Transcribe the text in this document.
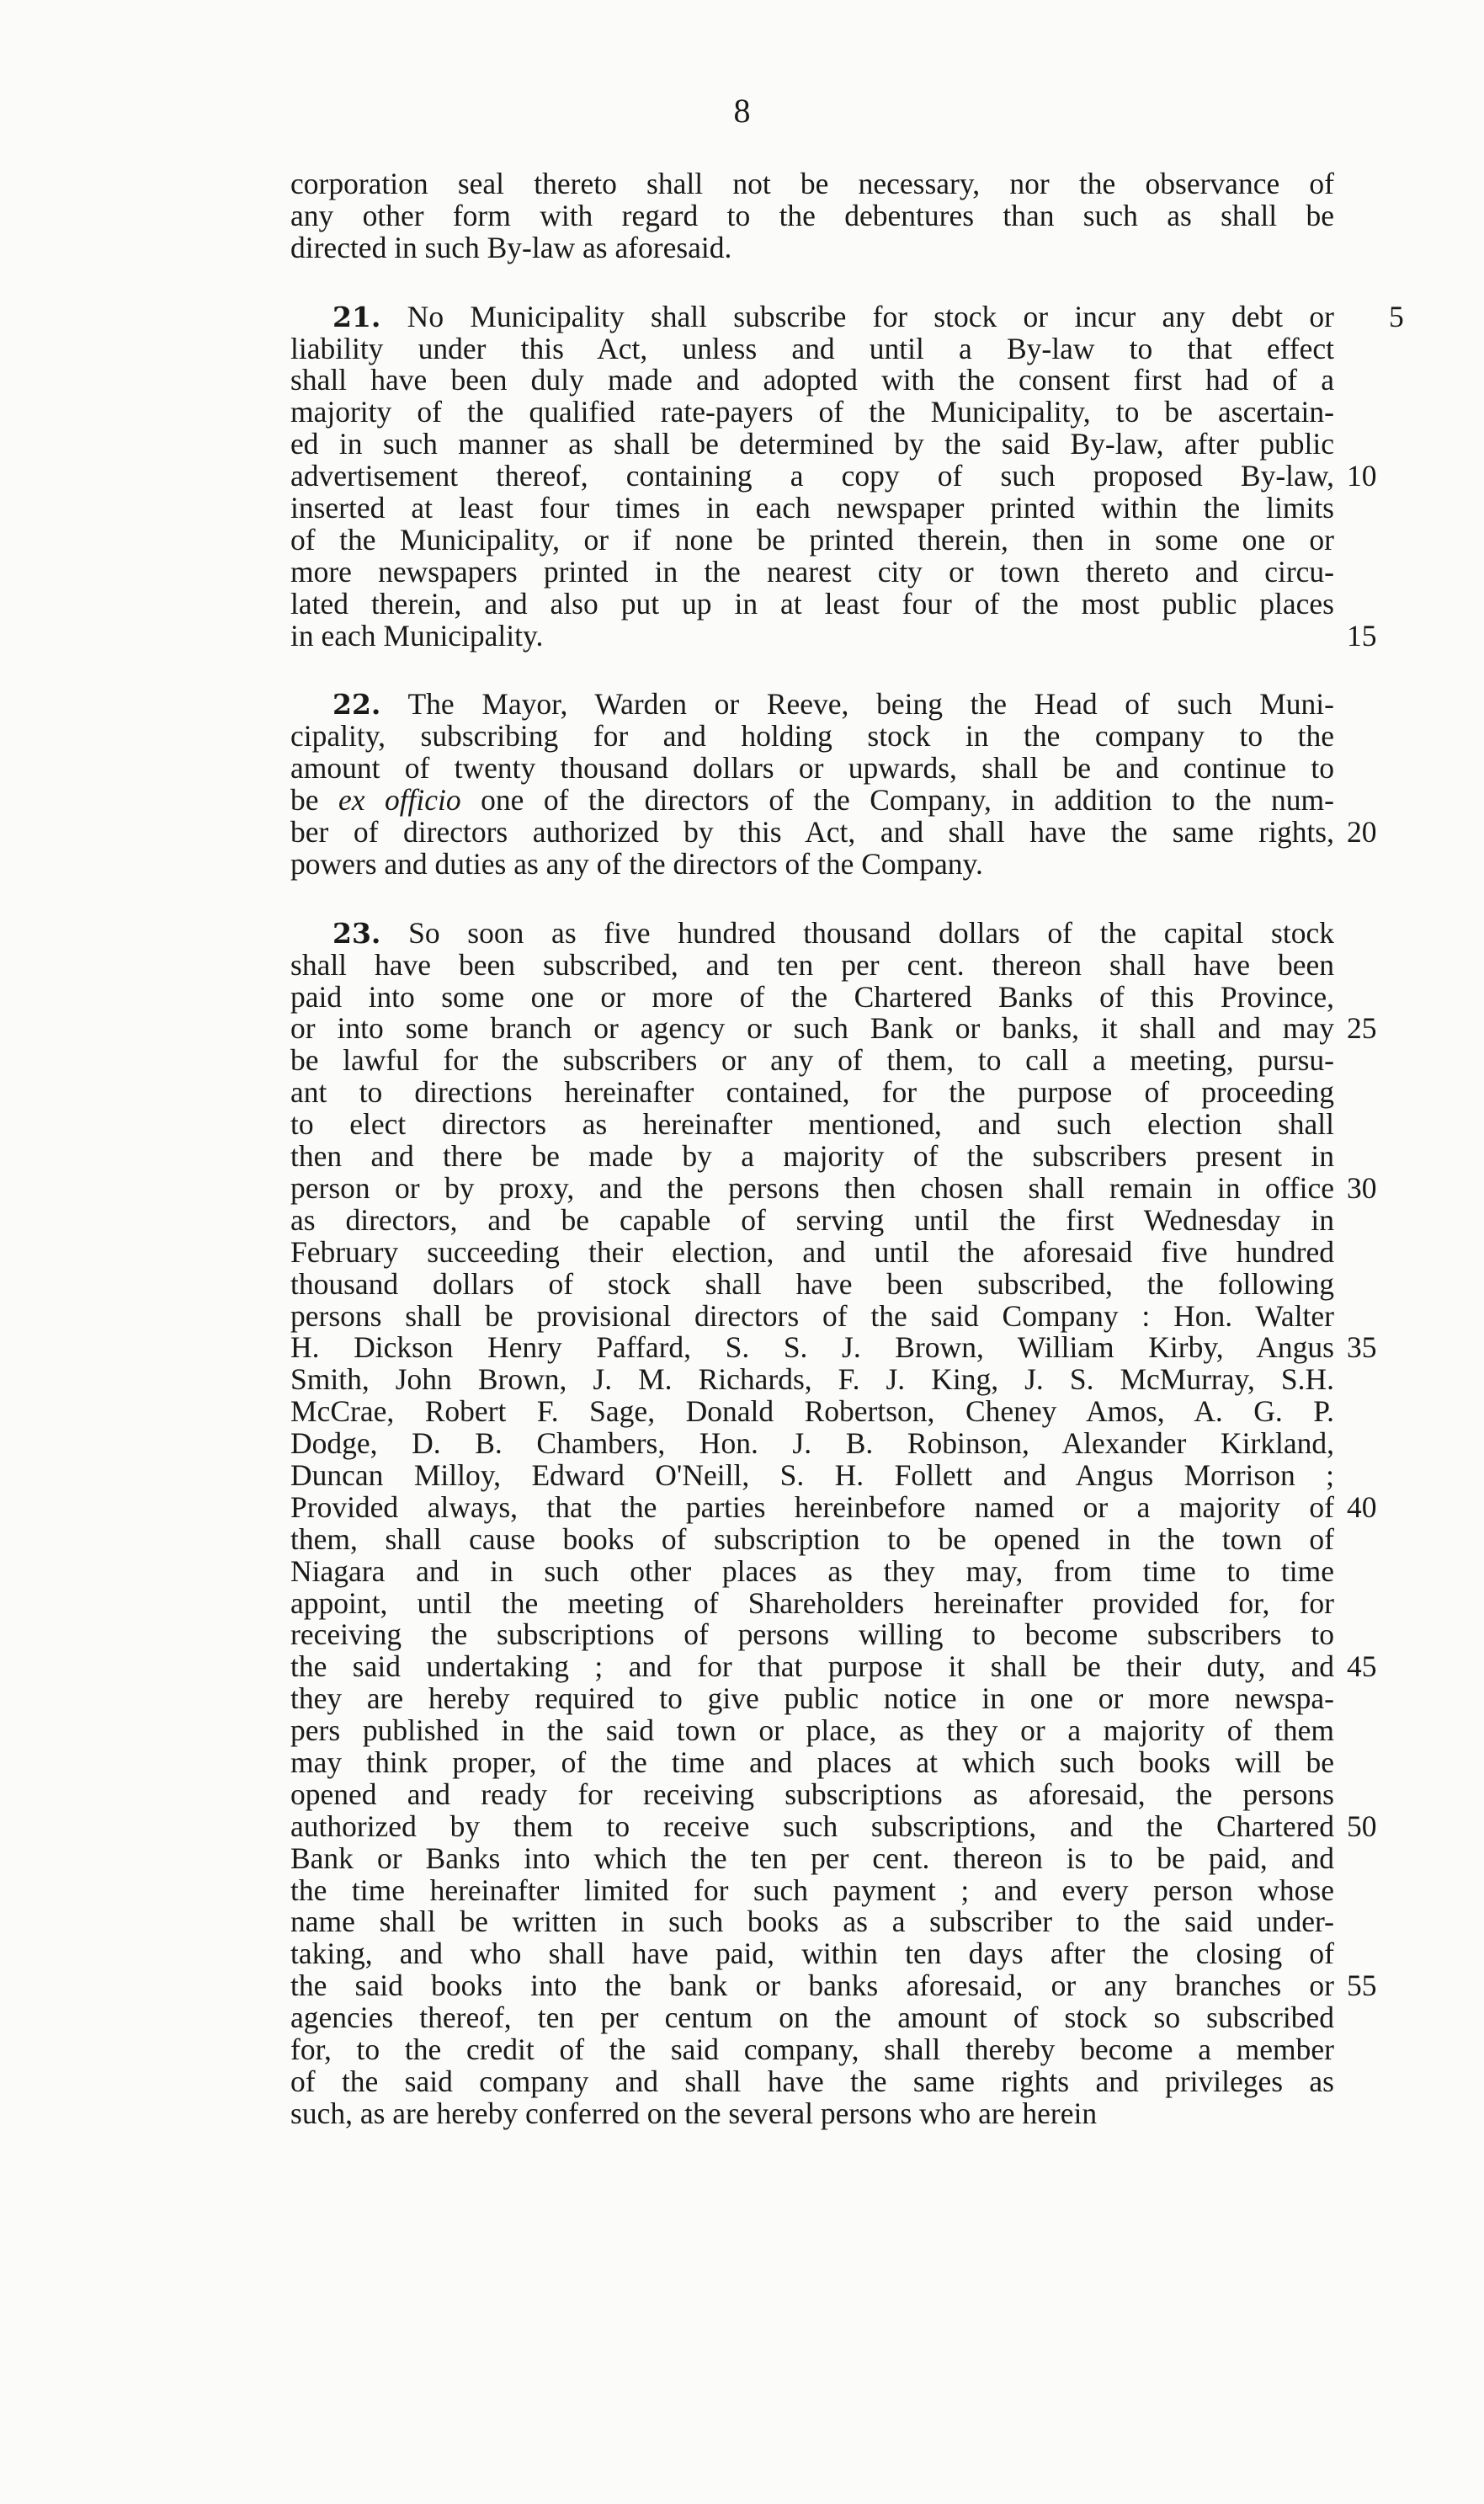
8
corporation seal thereto shall not be necessary, nor the observance of
any other form with regard to the debentures than such as shall be
directed in such By-law as aforesaid.
21. No Municipality shall subscribe for stock or incur any debt or	5
liability under this Act, unless and until a By-law to that effect
shall have been duly made and adopted with the consent first had of a
majority of the qualified rate-payers of the Municipality, to be ascertain-
ed in such manner as shall be determined by the said By-law, after public
advertisement thereof, containing a copy of such proposed By-law, 10
inserted at least four times in each newspaper printed within the limits
of the Municipality, or if none be printed therein, then in some one or
more newspapers printed in the nearest city or town thereto and circu-
lated therein, and also put up in at least four of the most public places
in each Municipality.	15
22. The Mayor, Warden or Reeve, being the Head of such Muni-
cipality, subscribing for and holding stock in the company to the
amount of twenty thousand dollars or upwards, shall be and continue to
be ex officio one of the directors of the Company, in addition to the num-
ber of directors authorized by this Act, and shall have the same rights, 20
powers and duties as any of the directors of the Company.
23. So soon as five hundred thousand dollars of the capital stock
shall have been subscribed, and ten per cent. thereon shall have been
paid into some one or more of the Chartered Banks of this Province,
or into some branch or agency or such Bank or banks, it shall and may 25
be lawful for the subscribers or any of them, to call a meeting, pursu-
ant to directions hereinafter contained, for the purpose of proceeding
to elect directors as hereinafter mentioned, and such election shall
then and there be made by a majority of the subscribers present in
person or by proxy, and the persons then chosen shall remain in office 30
as directors, and be capable of serving until the first Wednesday in
February succeeding their election, and until the aforesaid five hundred
thousand dollars of stock shall have been subscribed, the following
persons shall be provisional directors of the said Company : Hon. Walter
H. Dickson Henry Paffard, S. S. J. Brown, William Kirby, Angus 35
Smith, John Brown, J. M. Richards, F. J. King, J. S. McMurray, S.H.
McCrae, Robert F. Sage, Donald Robertson, Cheney Amos, A. G. P.
Dodge, D. B. Chambers, Hon. J. B. Robinson, Alexander Kirkland,
Duncan Milloy, Edward O'Neill, S. H. Follett and Angus Morrison ;
Provided always, that the parties hereinbefore named or a majority of 40
them, shall cause books of subscription to be opened in the town of
Niagara and in such other places as they may, from time to time
appoint, until the meeting of Shareholders hereinafter provided for, for
receiving the subscriptions of persons willing to become subscribers to
the said undertaking ; and for that purpose it shall be their duty, and 45
they are hereby required to give public notice in one or more newspa-
pers published in the said town or place, as they or a majority of them
may think proper, of the time and places at which such books will be
opened and ready for receiving subscriptions as aforesaid, the persons
authorized by them to receive such subscriptions, and the Chartered 50
Bank or Banks into which the ten per cent. thereon is to be paid, and
the time hereinafter limited for such payment ; and every person whose
name shall be written in such books as a subscriber to the said under-
taking, and who shall have paid, within ten days after the closing of
the said books into the bank or banks aforesaid, or any branches or 55
agencies thereof, ten per centum on the amount of stock so subscribed
for, to the credit of the said company, shall thereby become a member
of the said company and shall have the same rights and privileges as
such, as are hereby conferred on the several persons who are herein
